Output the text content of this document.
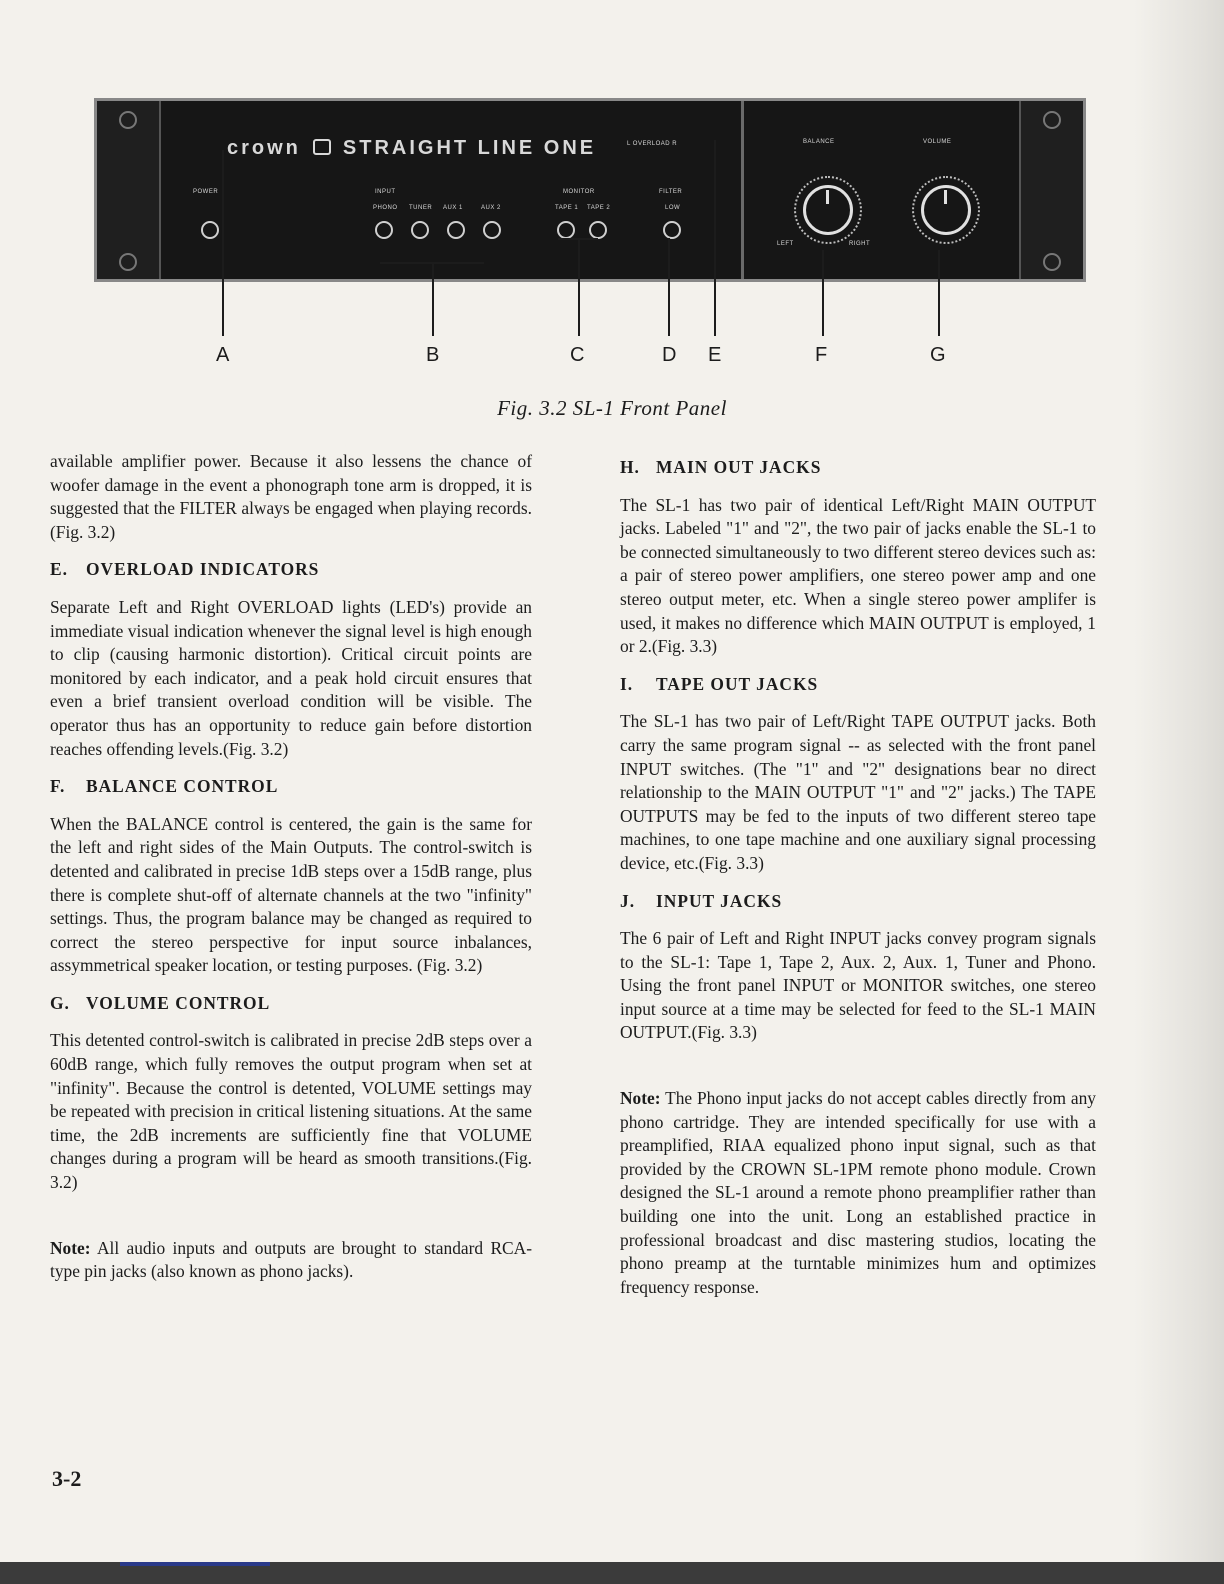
crown STRAIGHT LINE ONE	L OVERLOAD R
POWER	INPUT
PHONO TUNER AUX 1	AUX 2
MONITOR
TAPE 1 TAPE 2
FILTER
LOW
BALANCE
LEFT	RIGHT
VOLUME
A	B	C	D E	F	G
Fig. 3.2 SL-1 Front Panel

available amplifier power. Because it also lessens the chance of woofer damage in the event a phonograph tone arm is dropped, it is suggested that the FILTER always be engaged when playing records.(Fig. 3.2)

E. OVERLOAD INDICATORS

Separate Left and Right OVERLOAD lights (LED's) provide an immediate visual indication whenever the signal level is high enough to clip (causing harmonic distortion). Critical circuit points are monitored by each indicator, and a peak hold circuit ensures that even a brief transient overload condition will be visible. The operator thus has an opportunity to reduce gain before distortion reaches offending levels.(Fig. 3.2)

F. BALANCE CONTROL

When the BALANCE control is centered, the gain is the same for the left and right sides of the Main Outputs. The control-switch is detented and calibrated in precise 1dB steps over a 15dB range, plus there is complete shut-off of alternate channels at the two "infinity" settings. Thus, the program balance may be changed as required to correct the stereo perspective for input source inbalances, assymmetrical speaker location, or testing purposes. (Fig. 3.2)

G. VOLUME CONTROL

This detented control-switch is calibrated in precise 2dB steps over a 60dB range, which fully removes the output program when set at "infinity". Because the control is detented, VOLUME settings may be repeated with precision in critical listening situations. At the same time, the 2dB increments are sufficiently fine that VOLUME changes during a program will be heard as smooth transitions.(Fig. 3.2)

Note: All audio inputs and outputs are brought to standard RCA-type pin jacks (also known as phono jacks).

H. MAIN OUT JACKS

The SL-1 has two pair of identical Left/Right MAIN OUTPUT jacks. Labeled "1" and "2", the two pair of jacks enable the SL-1 to be connected simultaneously to two different stereo devices such as: a pair of stereo power amplifiers, one stereo power amp and one stereo output meter, etc. When a single stereo power amplifer is used, it makes no difference which MAIN OUTPUT is employed, 1 or 2.(Fig. 3.3)

I. TAPE OUT JACKS

The SL-1 has two pair of Left/Right TAPE OUTPUT jacks. Both carry the same program signal -- as selected with the front panel INPUT switches. (The "1" and "2" designations bear no direct relationship to the MAIN OUTPUT "1" and "2" jacks.) The TAPE OUTPUTS may be fed to the inputs of two different stereo tape machines, to one tape machine and one auxiliary signal processing device, etc.(Fig. 3.3)

J. INPUT JACKS

The 6 pair of Left and Right INPUT jacks convey program signals to the SL-1: Tape 1, Tape 2, Aux. 2, Aux. 1, Tuner and Phono. Using the front panel INPUT or MONITOR switches, one stereo input source at a time may be selected for feed to the SL-1 MAIN OUTPUT.(Fig. 3.3)

Note: The Phono input jacks do not accept cables directly from any phono cartridge. They are intended specifically for use with a preamplified, RIAA equalized phono input signal, such as that provided by the CROWN SL-1PM remote phono module. Crown designed the SL-1 around a remote phono preamplifier rather than building one into the unit. Long an established practice in professional broadcast and disc mastering studios, locating the phono preamp at the turntable minimizes hum and optimizes frequency response.

3-2
